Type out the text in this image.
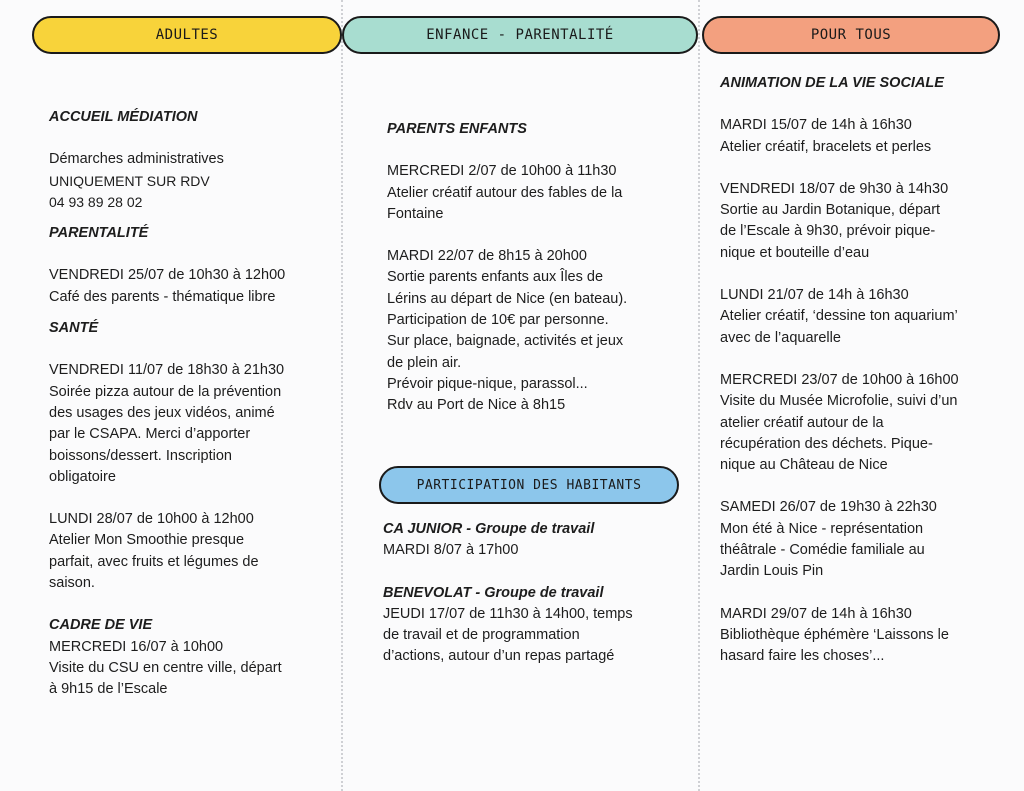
ADULTES	ENFANCE - PARENTALITÉ	POUR TOUS
ACCUEIL MÉDIATION
Démarches administratives
UNIQUEMENT SUR RDV
04 93 89 28 02
PARENTALITÉ
VENDREDI 25/07 de 10h30 à 12h00
Café des parents - thématique libre
SANTÉ
VENDREDI 11/07 de 18h30 à 21h30
Soirée pizza autour de la prévention
des usages des jeux vidéos, animé
par le CSAPA. Merci d’apporter
boissons/dessert. Inscription
obligatoire
LUNDI 28/07 de 10h00 à 12h00
Atelier Mon Smoothie presque
parfait, avec fruits et légumes de
saison.
CADRE DE VIE
MERCREDI 16/07 à 10h00
Visite du CSU en centre ville, départ
à 9h15 de l’Escale
PARENTS ENFANTS
MERCREDI 2/07 de 10h00 à 11h30
Atelier créatif autour des fables de la
Fontaine
MARDI 22/07 de 8h15 à 20h00
Sortie parents enfants aux Îles de
Lérins au départ de Nice (en bateau).
Participation de 10€ par personne.
Sur place, baignade, activités et jeux
de plein air.
Prévoir pique-nique, parassol...
Rdv au Port de Nice à 8h15
PARTICIPATION DES HABITANTS
CA JUNIOR - Groupe de travail
MARDI 8/07 à 17h00
BENEVOLAT - Groupe de travail
JEUDI 17/07 de 11h30 à 14h00, temps
de travail et de programmation
d’actions, autour d’un repas partagé
ANIMATION DE LA VIE SOCIALE
MARDI 15/07 de 14h à 16h30
Atelier créatif, bracelets et perles
VENDREDI 18/07 de 9h30 à 14h30
Sortie au Jardin Botanique, départ
de l’Escale à 9h30, prévoir pique-
nique et bouteille d’eau
LUNDI 21/07 de 14h à 16h30
Atelier créatif, ‘dessine ton aquarium’
avec de l’aquarelle
MERCREDI 23/07 de 10h00 à 16h00
Visite du Musée Microfolie, suivi d’un
atelier créatif autour de la
récupération des déchets. Pique-
nique au Château de Nice
SAMEDI 26/07 de 19h30 à 22h30
Mon été à Nice - représentation
théâtrale - Comédie familiale au
Jardin Louis Pin
MARDI 29/07 de 14h à 16h30
Bibliothèque éphémère ‘Laissons le
hasard faire les choses’...
